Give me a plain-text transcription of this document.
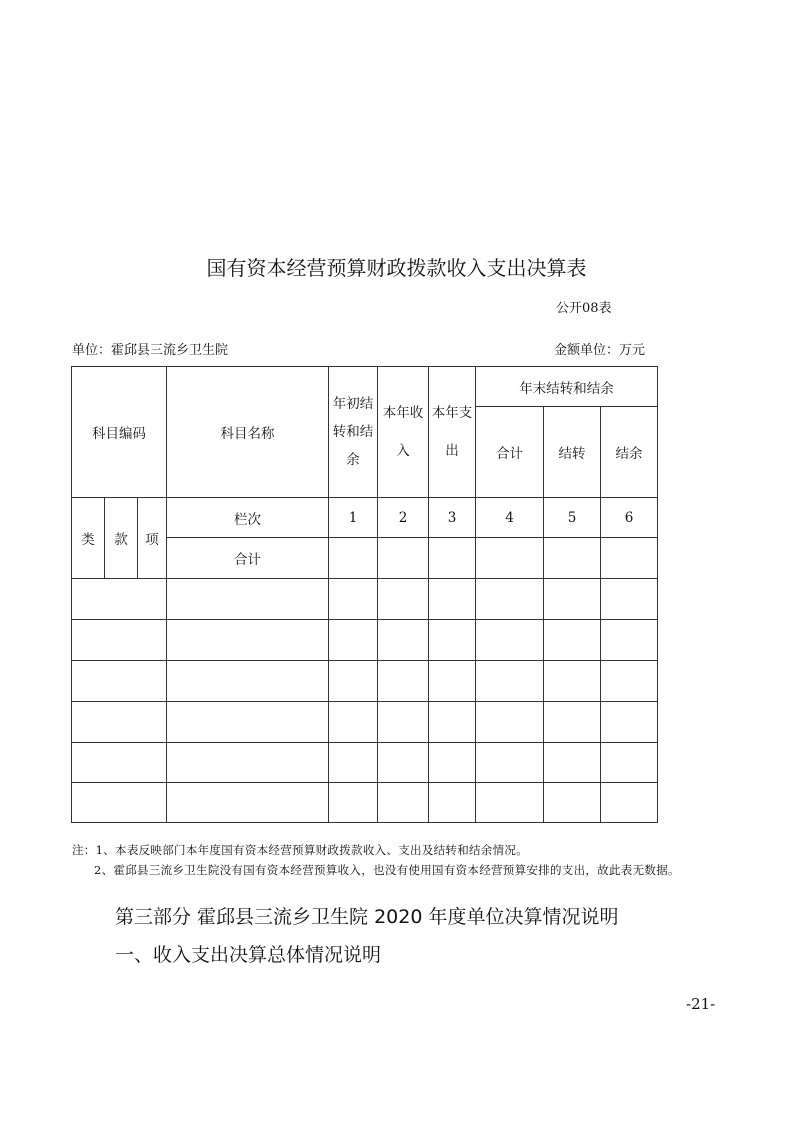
国有资本经营预算财政拨款收入支出决算表
公开08表
单位：霍邱县三流乡卫生院	金额单位：万元
科目编码			科目名称	年初结转和结余	本年收入	本年支出	年末结转和结余		
							合计	结转	结余
类	款	项	栏次	1	2	3	4	5	6
			合计						

注：1、本表反映部门本年度国有资本经营预算财政拨款收入、支出及结转和结余情况。
2、霍邱县三流乡卫生院没有国有资本经营预算收入，也没有使用国有资本经营预算安排的支出，故此表无数据。
第三部分 霍邱县三流乡卫生院 2020 年度单位决算情况说明
一、收入支出决算总体情况说明
-21-
